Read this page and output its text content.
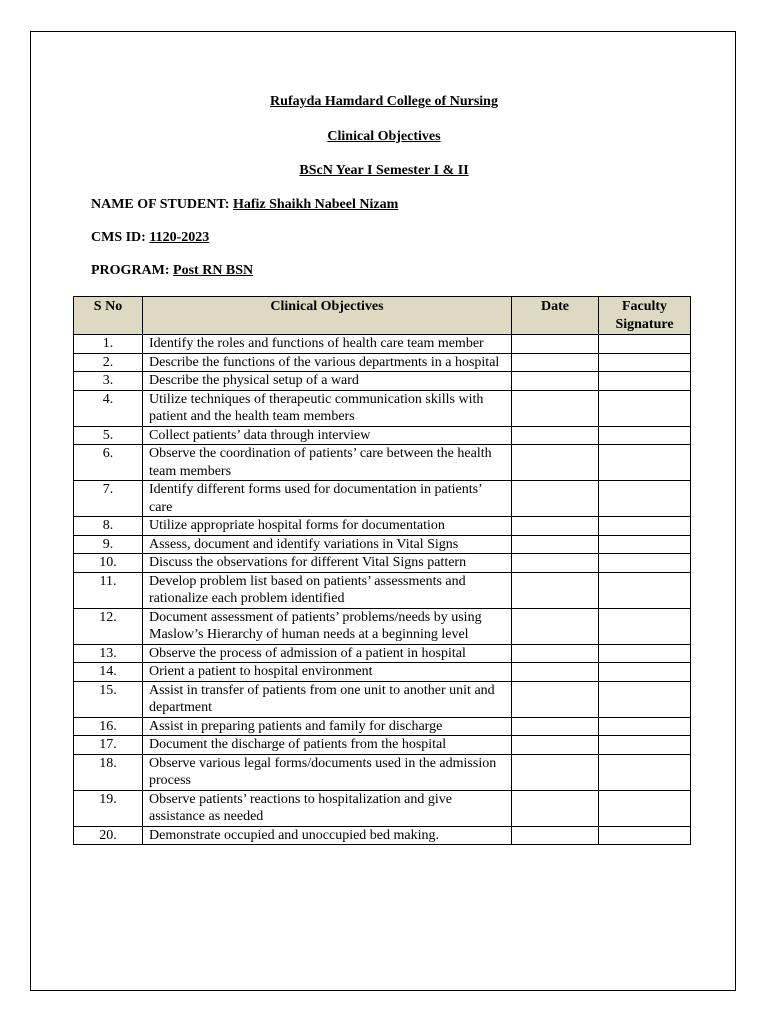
Rufayda Hamdard College of Nursing
Clinical Objectives
BScN Year I Semester I & II
NAME OF STUDENT: Hafiz Shaikh Nabeel Nizam
CMS ID: 1120-2023
PROGRAM: Post RN BSN
S No	Clinical Objectives	Date	Faculty Signature
1.	Identify the roles and functions of health care team member		
2.	Describe the functions of the various departments in a hospital		
3.	Describe the physical setup of a ward		
4.	Utilize techniques of therapeutic communication skills with patient and the health team members		
5.	Collect patients’ data through interview		
6.	Observe the coordination of patients’ care between the health team members		
7.	Identify different forms used for documentation in patients’ care		
8.	Utilize appropriate hospital forms for documentation		
9.	Assess, document and identify variations in Vital Signs		
10.	Discuss the observations for different Vital Signs pattern		
11.	Develop problem list based on patients’ assessments and rationalize each problem identified		
12.	Document assessment of patients’ problems/needs by using Maslow’s Hierarchy of human needs at a beginning level		
13.	Observe the process of admission of a patient in hospital		
14.	Orient a patient to hospital environment		
15.	Assist in transfer of patients from one unit to another unit and department		
16.	Assist in preparing patients and family for discharge		
17.	Document the discharge of patients from the hospital		
18.	Observe various legal forms/documents used in the admission process		
19.	Observe patients’ reactions to hospitalization and give assistance as needed		
20.	Demonstrate occupied and unoccupied bed making.		
